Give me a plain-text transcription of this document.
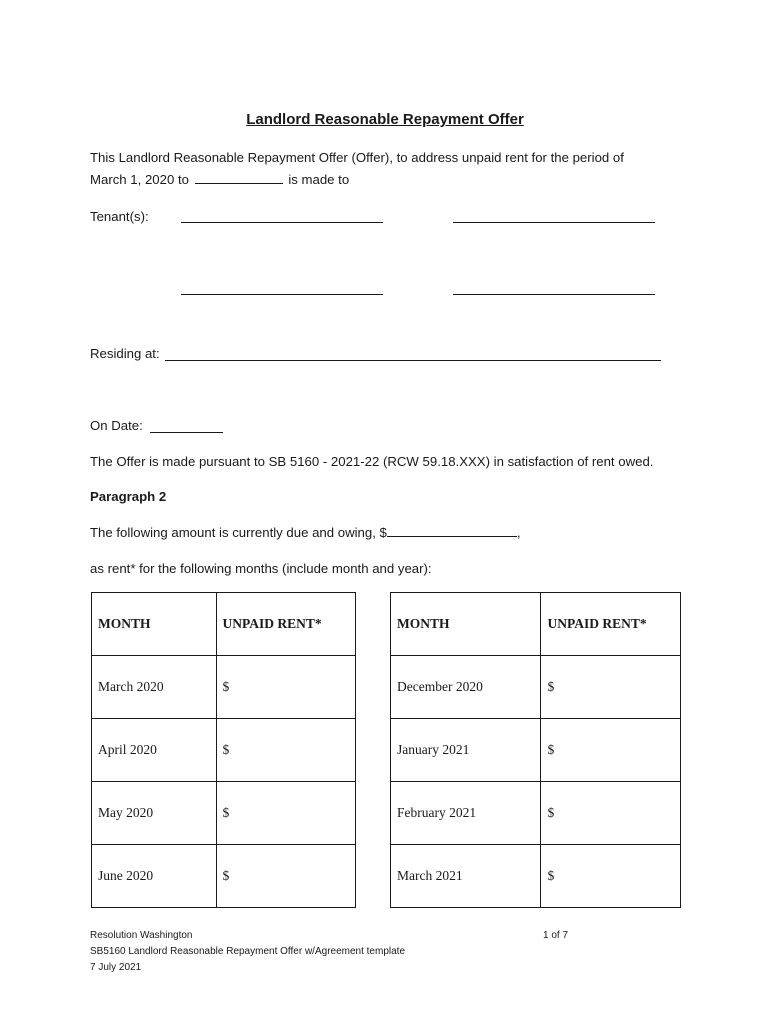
Landlord Reasonable Repayment Offer
This Landlord Reasonable Repayment Offer (Offer), to address unpaid rent for the period of
March 1, 2020 to	is made to
Tenant(s):
Residing at:
On Date:
The Offer is made pursuant to SB 5160 - 2021-22 (RCW 59.18.XXX) in satisfaction of rent owed.
Paragraph 2
The following amount is currently due and owing, $	,
as rent* for the following months (include month and year):
MONTH	UNPAID RENT*
March 2020	$
April 2020	$
May 2020	$
June 2020	$
MONTH	UNPAID RENT*
December 2020	$
January 2021	$
February 2021	$
March 2021	$
Resolution Washington	1 of 7
SB5160 Landlord Reasonable Repayment Offer w/Agreement template
7 July 2021
